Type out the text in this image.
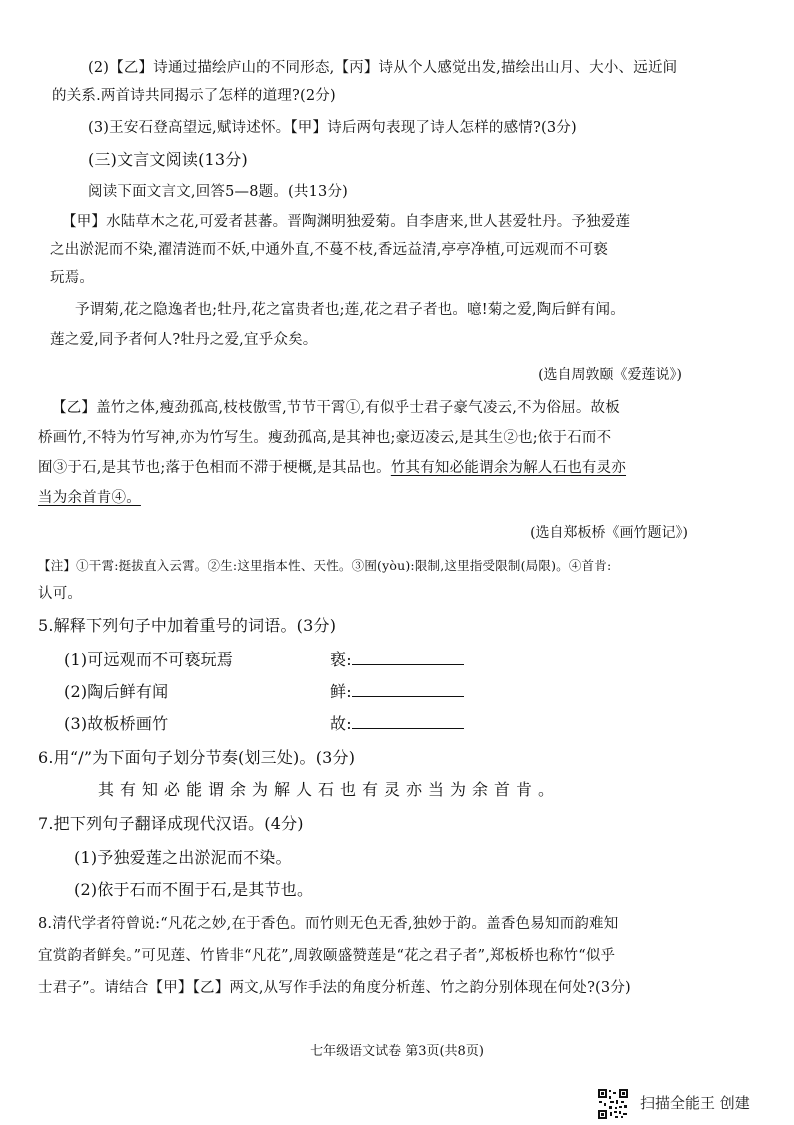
(2)【乙】诗通过描绘庐山的不同形态,【丙】诗从个人感觉出发,描绘出山月、大小、远近间
的关系.两首诗共同揭示了怎样的道理?(2分)
(3)王安石登高望远,赋诗述怀。【甲】诗后两句表现了诗人怎样的感情?(3分)
(三)文言文阅读(13分)
阅读下面文言文,回答5—8题。(共13分)
【甲】水陆草木之花,可爱者甚蕃。晋陶渊明独爱菊。自李唐来,世人甚爱牡丹。予独爱莲
之出淤泥而不染,濯清涟而不妖,中通外直,不蔓不枝,香远益清,亭亭净植,可远观而不可亵
玩焉。
予谓菊,花之隐逸者也;牡丹,花之富贵者也;莲,花之君子者也。噫!菊之爱,陶后鲜有闻。
莲之爱,同予者何人?牡丹之爱,宜乎众矣。
(选自周敦颐《爱莲说》)
【乙】盖竹之体,瘦劲孤高,枝枝傲雪,节节干霄①,有似乎士君子豪气凌云,不为俗屈。故板
桥画竹,不特为竹写神,亦为竹写生。瘦劲孤高,是其神也;豪迈凌云,是其生②也;依于石而不
囿③于石,是其节也;落于色相而不滞于梗概,是其品也。竹其有知必能谓余为解人石也有灵亦
当为余首肯④。
(选自郑板桥《画竹题记》)
【注】①干霄:挺拔直入云霄。②生:这里指本性、天性。③囿(yòu):限制,这里指受限制(局限)。④首肯:
认可。
5.解释下列句子中加着重号的词语。(3分)
(1)可远观而不可亵玩焉	亵:
(2)陶后鲜有闻	鲜:
(3)故板桥画竹	故:
6.用“/”为下面句子划分节奏(划三处)。(3分)
其有知必能谓余为解人石也有灵亦当为余首肯。
7.把下列句子翻译成现代汉语。(4分)
(1)予独爱莲之出淤泥而不染。
(2)依于石而不囿于石,是其节也。
8.清代学者符曾说:“凡花之妙,在于香色。而竹则无色无香,独妙于韵。盖香色易知而韵难知
宜赏韵者鲜矣。”可见莲、竹皆非“凡花”,周敦颐盛赞莲是“花之君子者”,郑板桥也称竹“似乎
士君子”。请结合【甲】【乙】两文,从写作手法的角度分析莲、竹之韵分别体现在何处?(3分)
七年级语文试卷 第3页(共8页)
扫描全能王 创建
